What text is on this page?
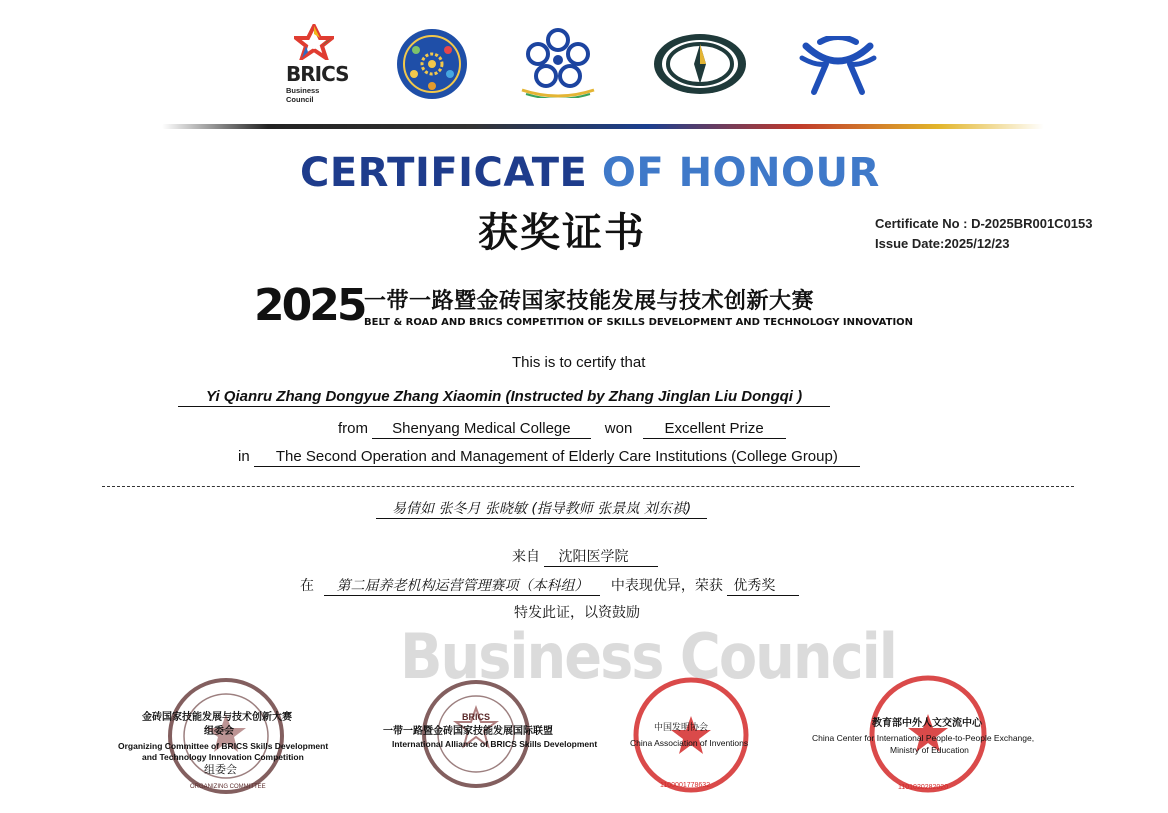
BRICS
Business Council
CERTIFICATE OF HONOUR
获奖证书	Certificate No : D-2025BR001C0153
Issue Date:2025/12/23
2025 一带一路暨金砖国家技能发展与技术创新大赛
BELT & ROAD AND BRICS COMPETITION OF SKILLS DEVELOPMENT AND TECHNOLOGY INNOVATION
This is to certify that
Yi Qianru Zhang Dongyue Zhang Xiaomin (Instructed by Zhang Jinglan Liu Dongqi )
from Shenyang Medical College won Excellent Prize
in The Second Operation and Management of Elderly Care Institutions (College Group)
易倩如 张冬月 张晓敏 (指导教师 张景岚 刘东祺)
来自 沈阳医学院
在 第二届养老机构运营管理赛项（本科组） 中表现优异，荣获 优秀奖
特发此证，以资鼓励
Business Council
金砖国家技能发展与技术创新大赛
组委会
Organizing Committee of BRICS Skills Development
and Technology Innovation Competition
组委会
ORGANIZING COMMITTEE
一带一路暨金砖国家技能发展国际联盟
International Alliance of BRICS Skills Development
BRICS
中国发明协会
China Association of Inventions
1100001778632
教育部中外人文交流中心
China Center for International People-to-People Exchange,
Ministry of Education
1101020282020
